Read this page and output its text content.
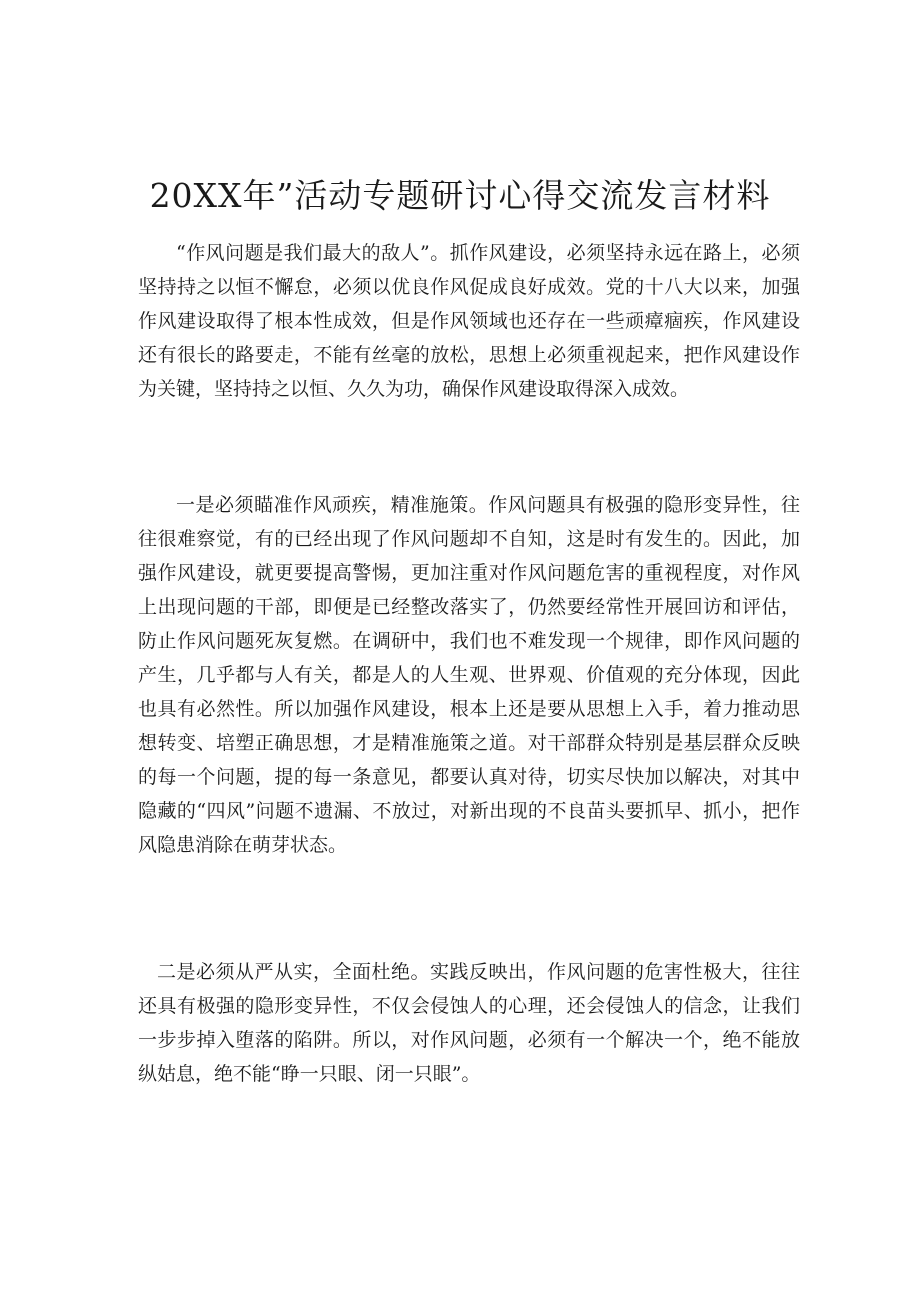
20XX年”活动专题研讨心得交流发言材料

“作风问题是我们最大的敌人”。抓作风建设，必须坚持永远在路上，必须坚持持之以恒不懈怠，必须以优良作风促成良好成效。党的十八大以来，加强作风建设取得了根本性成效，但是作风领域也还存在一些顽瘴痼疾，作风建设还有很长的路要走，不能有丝毫的放松，思想上必须重视起来，把作风建设作为关键，坚持持之以恒、久久为功，确保作风建设取得深入成效。

一是必须瞄准作风顽疾，精准施策。作风问题具有极强的隐形变异性，往往很难察觉，有的已经出现了作风问题却不自知，这是时有发生的。因此，加强作风建设，就更要提高警惕，更加注重对作风问题危害的重视程度，对作风上出现问题的干部，即便是已经整改落实了，仍然要经常性开展回访和评估，防止作风问题死灰复燃。在调研中，我们也不难发现一个规律，即作风问题的产生，几乎都与人有关，都是人的人生观、世界观、价值观的充分体现，因此也具有必然性。所以加强作风建设，根本上还是要从思想上入手，着力推动思想转变、培塑正确思想，才是精准施策之道。对干部群众特别是基层群众反映的每一个问题，提的每一条意见，都要认真对待，切实尽快加以解决，对其中隐藏的“四风”问题不遗漏、不放过，对新出现的不良苗头要抓早、抓小，把作风隐患消除在萌芽状态。

二是必须从严从实，全面杜绝。实践反映出，作风问题的危害性极大，往往还具有极强的隐形变异性，不仅会侵蚀人的心理，还会侵蚀人的信念，让我们一步步掉入堕落的陷阱。所以，对作风问题，必须有一个解决一个，绝不能放纵姑息，绝不能“睁一只眼、闭一只眼”。
